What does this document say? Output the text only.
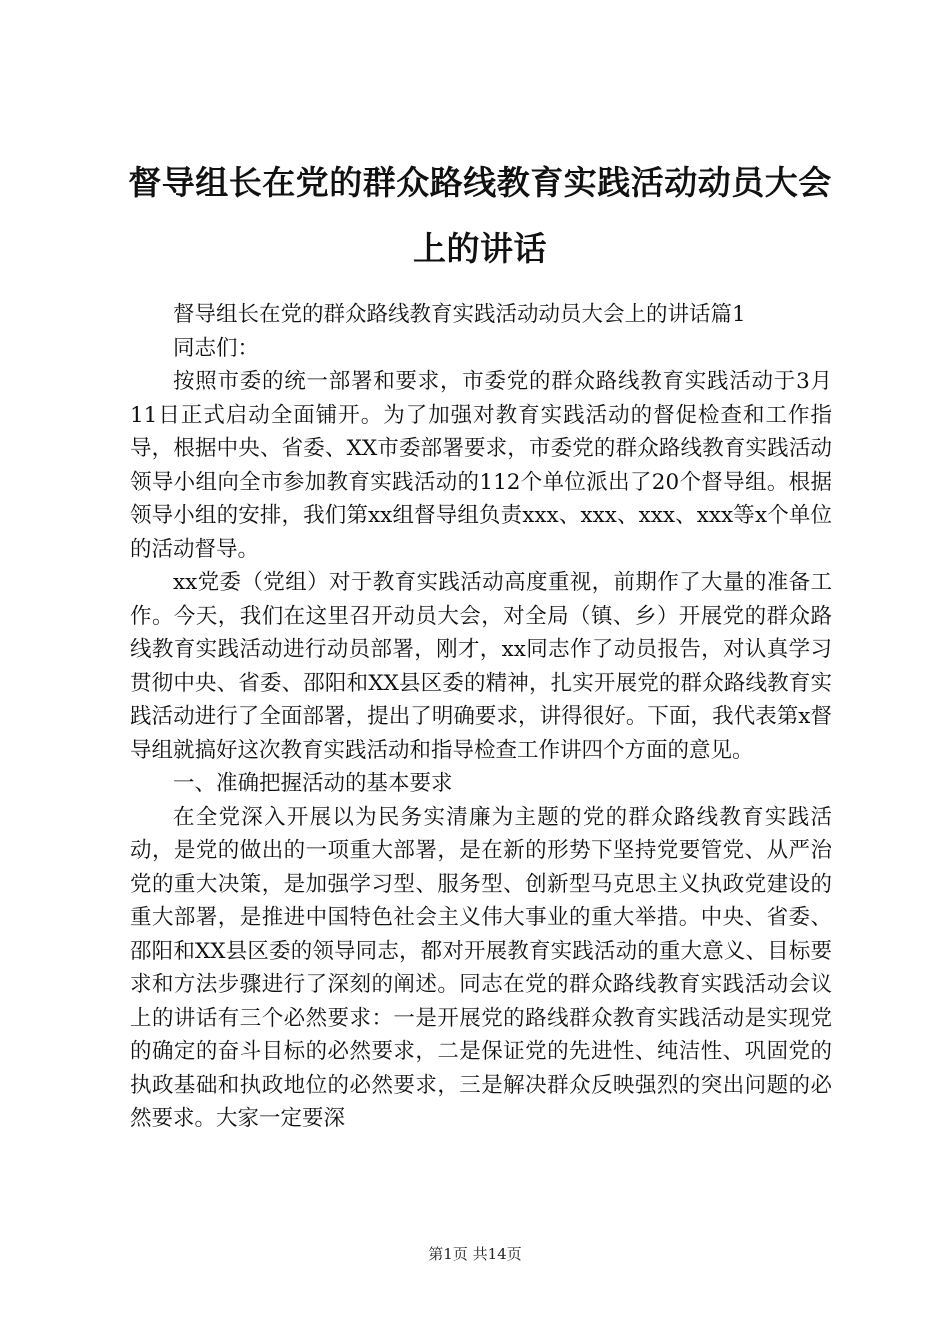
督导组长在党的群众路线教育实践活动动员大会上的讲话

督导组长在党的群众路线教育实践活动动员大会上的讲话篇1

同志们：

按照市委的统一部署和要求，市委党的群众路线教育实践活动于3月11日正式启动全面铺开。为了加强对教育实践活动的督促检查和工作指导，根据中央、省委、XX市委部署要求，市委党的群众路线教育实践活动领导小组向全市参加教育实践活动的112个单位派出了20个督导组。根据领导小组的安排，我们第xx组督导组负责xxx、xxx、xxx、xxx等x个单位的活动督导。

xx党委（党组）对于教育实践活动高度重视，前期作了大量的准备工作。今天，我们在这里召开动员大会，对全局（镇、乡）开展党的群众路线教育实践活动进行动员部署，刚才，xx同志作了动员报告，对认真学习贯彻中央、省委、邵阳和XX县区委的精神，扎实开展党的群众路线教育实践活动进行了全面部署，提出了明确要求，讲得很好。下面，我代表第x督导组就搞好这次教育实践活动和指导检查工作讲四个方面的意见。

一、准确把握活动的基本要求

在全党深入开展以为民务实清廉为主题的党的群众路线教育实践活动，是党的做出的一项重大部署，是在新的形势下坚持党要管党、从严治党的重大决策，是加强学习型、服务型、创新型马克思主义执政党建设的重大部署，是推进中国特色社会主义伟大事业的重大举措。中央、省委、邵阳和XX县区委的领导同志，都对开展教育实践活动的重大意义、目标要求和方法步骤进行了深刻的阐述。同志在党的群众路线教育实践活动会议上的讲话有三个必然要求：一是开展党的路线群众教育实践活动是实现党的确定的奋斗目标的必然要求，二是保证党的先进性、纯洁性、巩固党的执政基础和执政地位的必然要求，三是解决群众反映强烈的突出问题的必然要求。大家一定要深

第1页 共14页
